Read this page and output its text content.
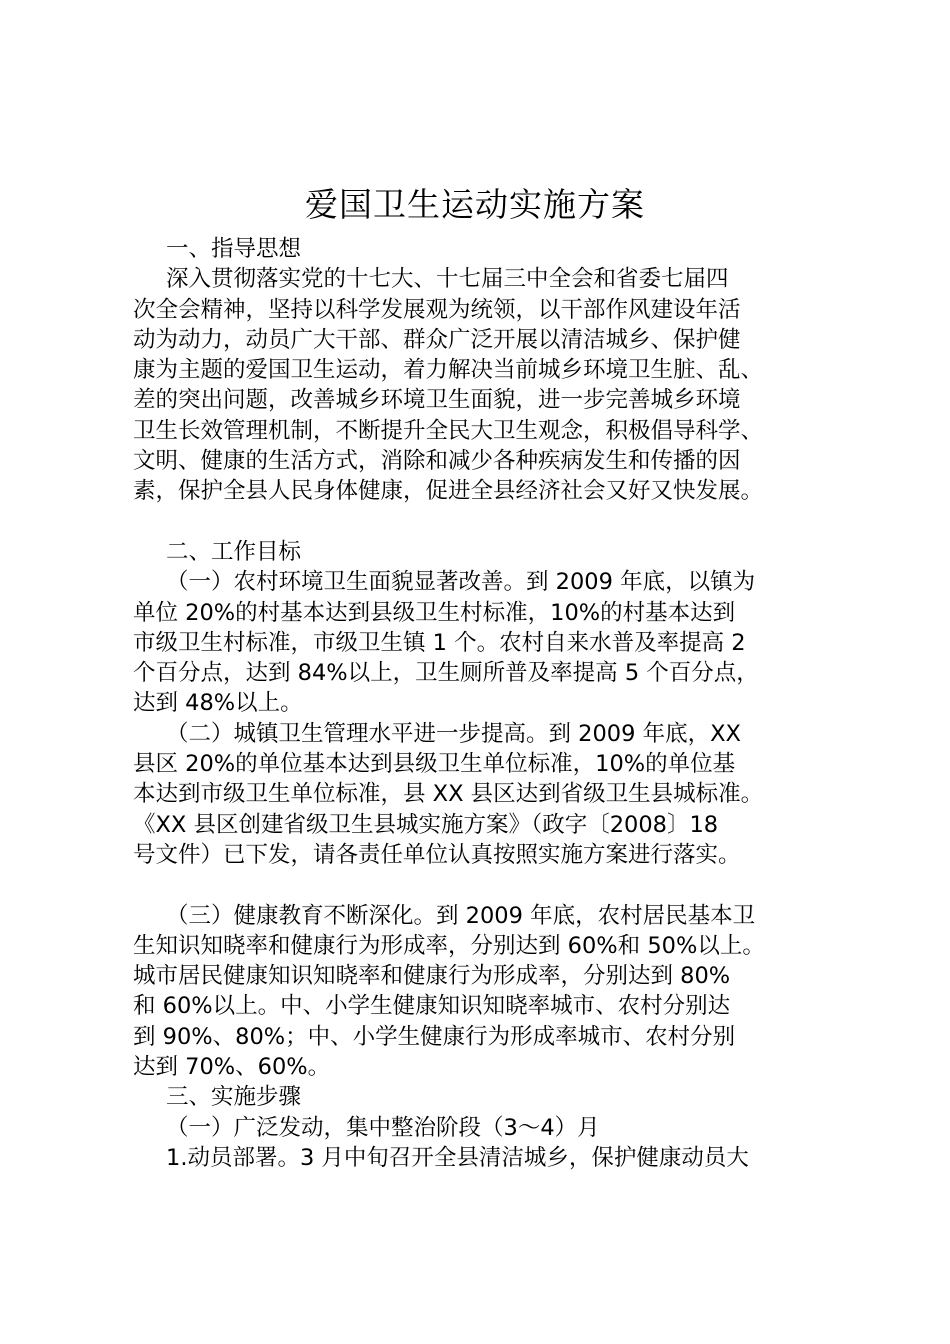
爱国卫生运动实施方案
一、指导思想
深入贯彻落实党的十七大、十七届三中全会和省委七届四
次全会精神，坚持以科学发展观为统领，以干部作风建设年活
动为动力，动员广大干部、群众广泛开展以清洁城乡、保护健
康为主题的爱国卫生运动，着力解决当前城乡环境卫生脏、乱、
差的突出问题，改善城乡环境卫生面貌，进一步完善城乡环境
卫生长效管理机制，不断提升全民大卫生观念，积极倡导科学、
文明、健康的生活方式，消除和减少各种疾病发生和传播的因
素，保护全县人民身体健康，促进全县经济社会又好又快发展。
二、工作目标
（一）农村环境卫生面貌显著改善。到 2009 年底，以镇为
单位 20%的村基本达到县级卫生村标准，10%的村基本达到
市级卫生村标准，市级卫生镇 1 个。农村自来水普及率提高 2
个百分点，达到 84%以上，卫生厕所普及率提高 5 个百分点，
达到 48%以上。
（二）城镇卫生管理水平进一步提高。到 2009 年底，XX
县区 20%的单位基本达到县级卫生单位标准，10%的单位基
本达到市级卫生单位标准，县 XX 县区达到省级卫生县城标准。
《XX 县区创建省级卫生县城实施方案》（政字〔2008〕18
号文件）已下发，请各责任单位认真按照实施方案进行落实。
（三）健康教育不断深化。到 2009 年底，农村居民基本卫
生知识知晓率和健康行为形成率，分别达到 60%和 50%以上。
城市居民健康知识知晓率和健康行为形成率，分别达到 80%
和 60%以上。中、小学生健康知识知晓率城市、农村分别达
到 90%、80%；中、小学生健康行为形成率城市、农村分别
达到 70%、60%。
三、实施步骤
（一）广泛发动，集中整治阶段（3～4）月
1.动员部署。3 月中旬召开全县清洁城乡，保护健康动员大
